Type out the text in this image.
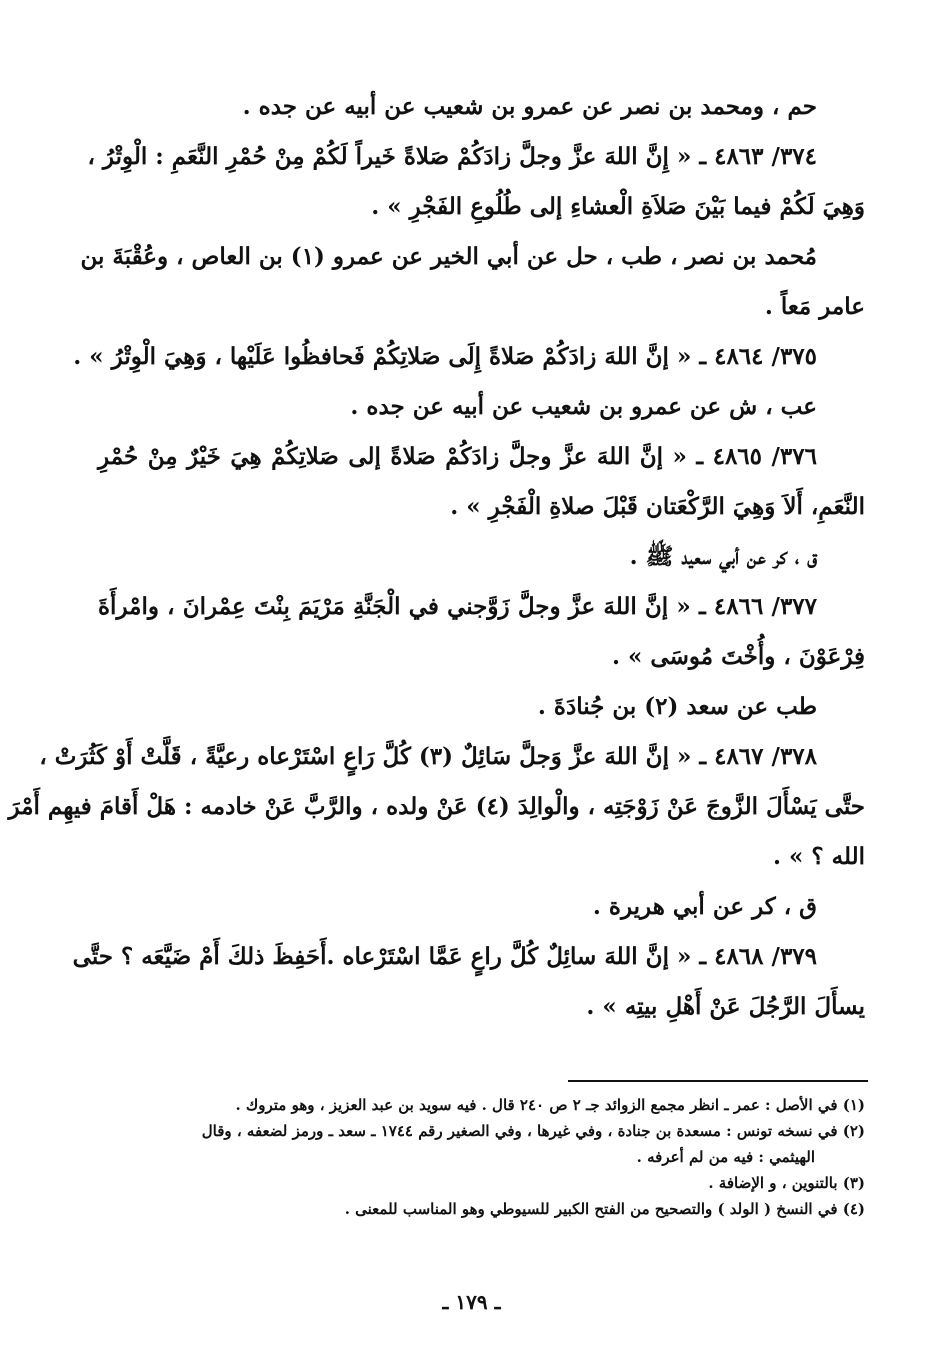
حم ، ومحمد بن نصر عن عمرو بن شعيب عن أبيه عن جده .
٣٧٤/ ٤٨٦٣ ـ « إِنَّ اللهَ عزَّ وجلَّ زادَكُمْ صَلاةً خَيراً لَكُمْ مِنْ حُمْرِ النَّعَمِ : الْوِتْرُ ،
وَهِيَ لَكُمْ فيما بَيْنَ صَلاَةِ الْعشاءِ إلى طُلُوعِ الفَجْرِ » .
مُحمد بن نصر ، طب ، حل عن أبي الخير عن عمرو (١) بن العاص ، وعُقْبَةَ بن
عامر مَعاً .
٣٧٥/ ٤٨٦٤ ـ « إنَّ اللهَ زادَكُمْ صَلاةً إِلَى صَلاتِكُمْ فَحافظُوا عَلَيْها ، وَهِيَ الْوِتْرُ » .
عب ، ش عن عمرو بن شعيب عن أبيه عن جده .
٣٧٦/ ٤٨٦٥ ـ « إنَّ اللهَ عزَّ وجلَّ زادَكُمْ صَلاةً إلى صَلاتِكُمْ هِيَ خَيْرٌ مِنْ حُمْرِ
النَّعَمِ، أَلاَ وَهِيَ الرَّكْعَتان قَبْلَ صلاةِ الْفَجْرِ » .
ق ، كر عن أبي سعيد ﷺ .
٣٧٧/ ٤٨٦٦ ـ « إنَّ اللهَ عزَّ وجلَّ زَوَّجني في الْجَنَّةِ مَرْيَمَ بِنْتَ عِمْرانَ ، وامْرأَةَ
فِرْعَوْنَ ، وأُخْتَ مُوسَى » .
طب عن سعد (٢) بن جُنادَةَ .
٣٧٨/ ٤٨٦٧ ـ « إنَّ اللهَ عزَّ وَجلَّ سَائِلٌ (٣) كُلَّ رَاعٍ اسْتَرْعاه رعيَّةً ، قَلَّتْ أَوْ كَثُرَتْ ،
حتَّى يَسْأَلَ الزَّوجَ عَنْ زَوْجَتِه ، والْوالِدَ (٤) عَنْ ولده ، والرَّبَّ عَنْ خادمه : هَلْ أَقامَ فيهِم أَمْرَ
الله ؟ » .
ق ، كر عن أبي هريرة .
٣٧٩/ ٤٨٦٨ ـ « إنَّ اللهَ سائِلٌ كُلَّ راعٍ عَمَّا اسْتَرْعاه .أَحَفِظَ ذلكَ أَمْ ضَيَّعَه ؟ حتَّى
يسأَلَ الرَّجُلَ عَنْ أَهْلِ بيتِه » .
(١) في الأصل : عمر ـ انظر مجمع الزوائد جـ ٢ ص ٢٤٠ قال . فيه سويد بن عبد العزيز ، وهو متروك .
(٢) في نسخه تونس : مسعدة بن جنادة ، وفي غيرها ، وفي الصغير رقم ١٧٤٤ ـ سعد ـ ورمز لضعفه ، وقال
الهيثمي : فيه من لم أعرفه .
(٣) بالتنوين ، و الإضافة .
(٤) في النسخ ( الولد ) والتصحيح من الفتح الكبير للسيوطي وهو المناسب للمعنى .
ـ ١٧٩ ـ
